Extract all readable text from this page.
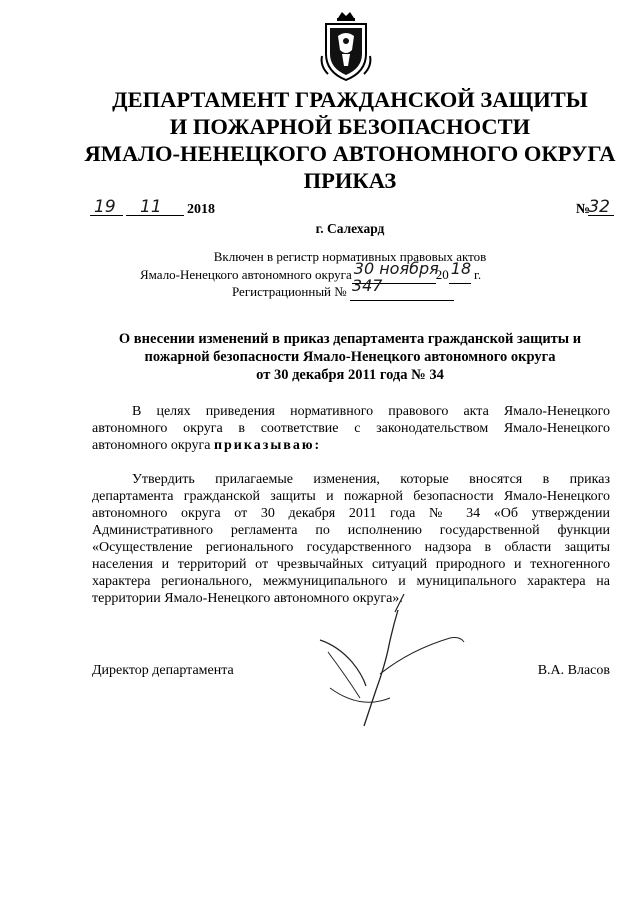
ДЕПАРТАМЕНТ ГРАЖДАНСКОЙ ЗАЩИТЫ
И ПОЖАРНОЙ БЕЗОПАСНОСТИ
ЯМАЛО-НЕНЕЦКОГО АВТОНОМНОГО ОКРУГА
ПРИКАЗ
19 11 2018	№
32
г. Салехард
Включен в регистр нормативных правовых актов
Ямало-Ненецкого автономного округа 30 ноября
20 18 г.
Регистрационный № 347

О внесении изменений в приказ департамента гражданской защиты и
пожарной безопасности Ямало-Ненецкого автономного округа
от 30 декабря 2011 года № 34
В целях приведения нормативного правового акта Ямало-Ненецкого
автономного округа в соответствие с законодательством Ямало-Ненецкого
автономного округа приказываю:
Утвердить прилагаемые изменения, которые вносятся в приказ
департамента гражданской защиты и пожарной безопасности Ямало-Ненецкого
автономного округа от 30 декабря 2011 года № 34 «Об утверждении
Административного регламента по исполнению государственной функции
«Осуществление регионального государственного надзора в области защиты
населения и территорий от чрезвычайных ситуаций природного и техногенного
характера регионального, межмуниципального и муниципального характера на
территории Ямало-Ненецкого автономного округа».
Директор департамента	В.А. Власов
